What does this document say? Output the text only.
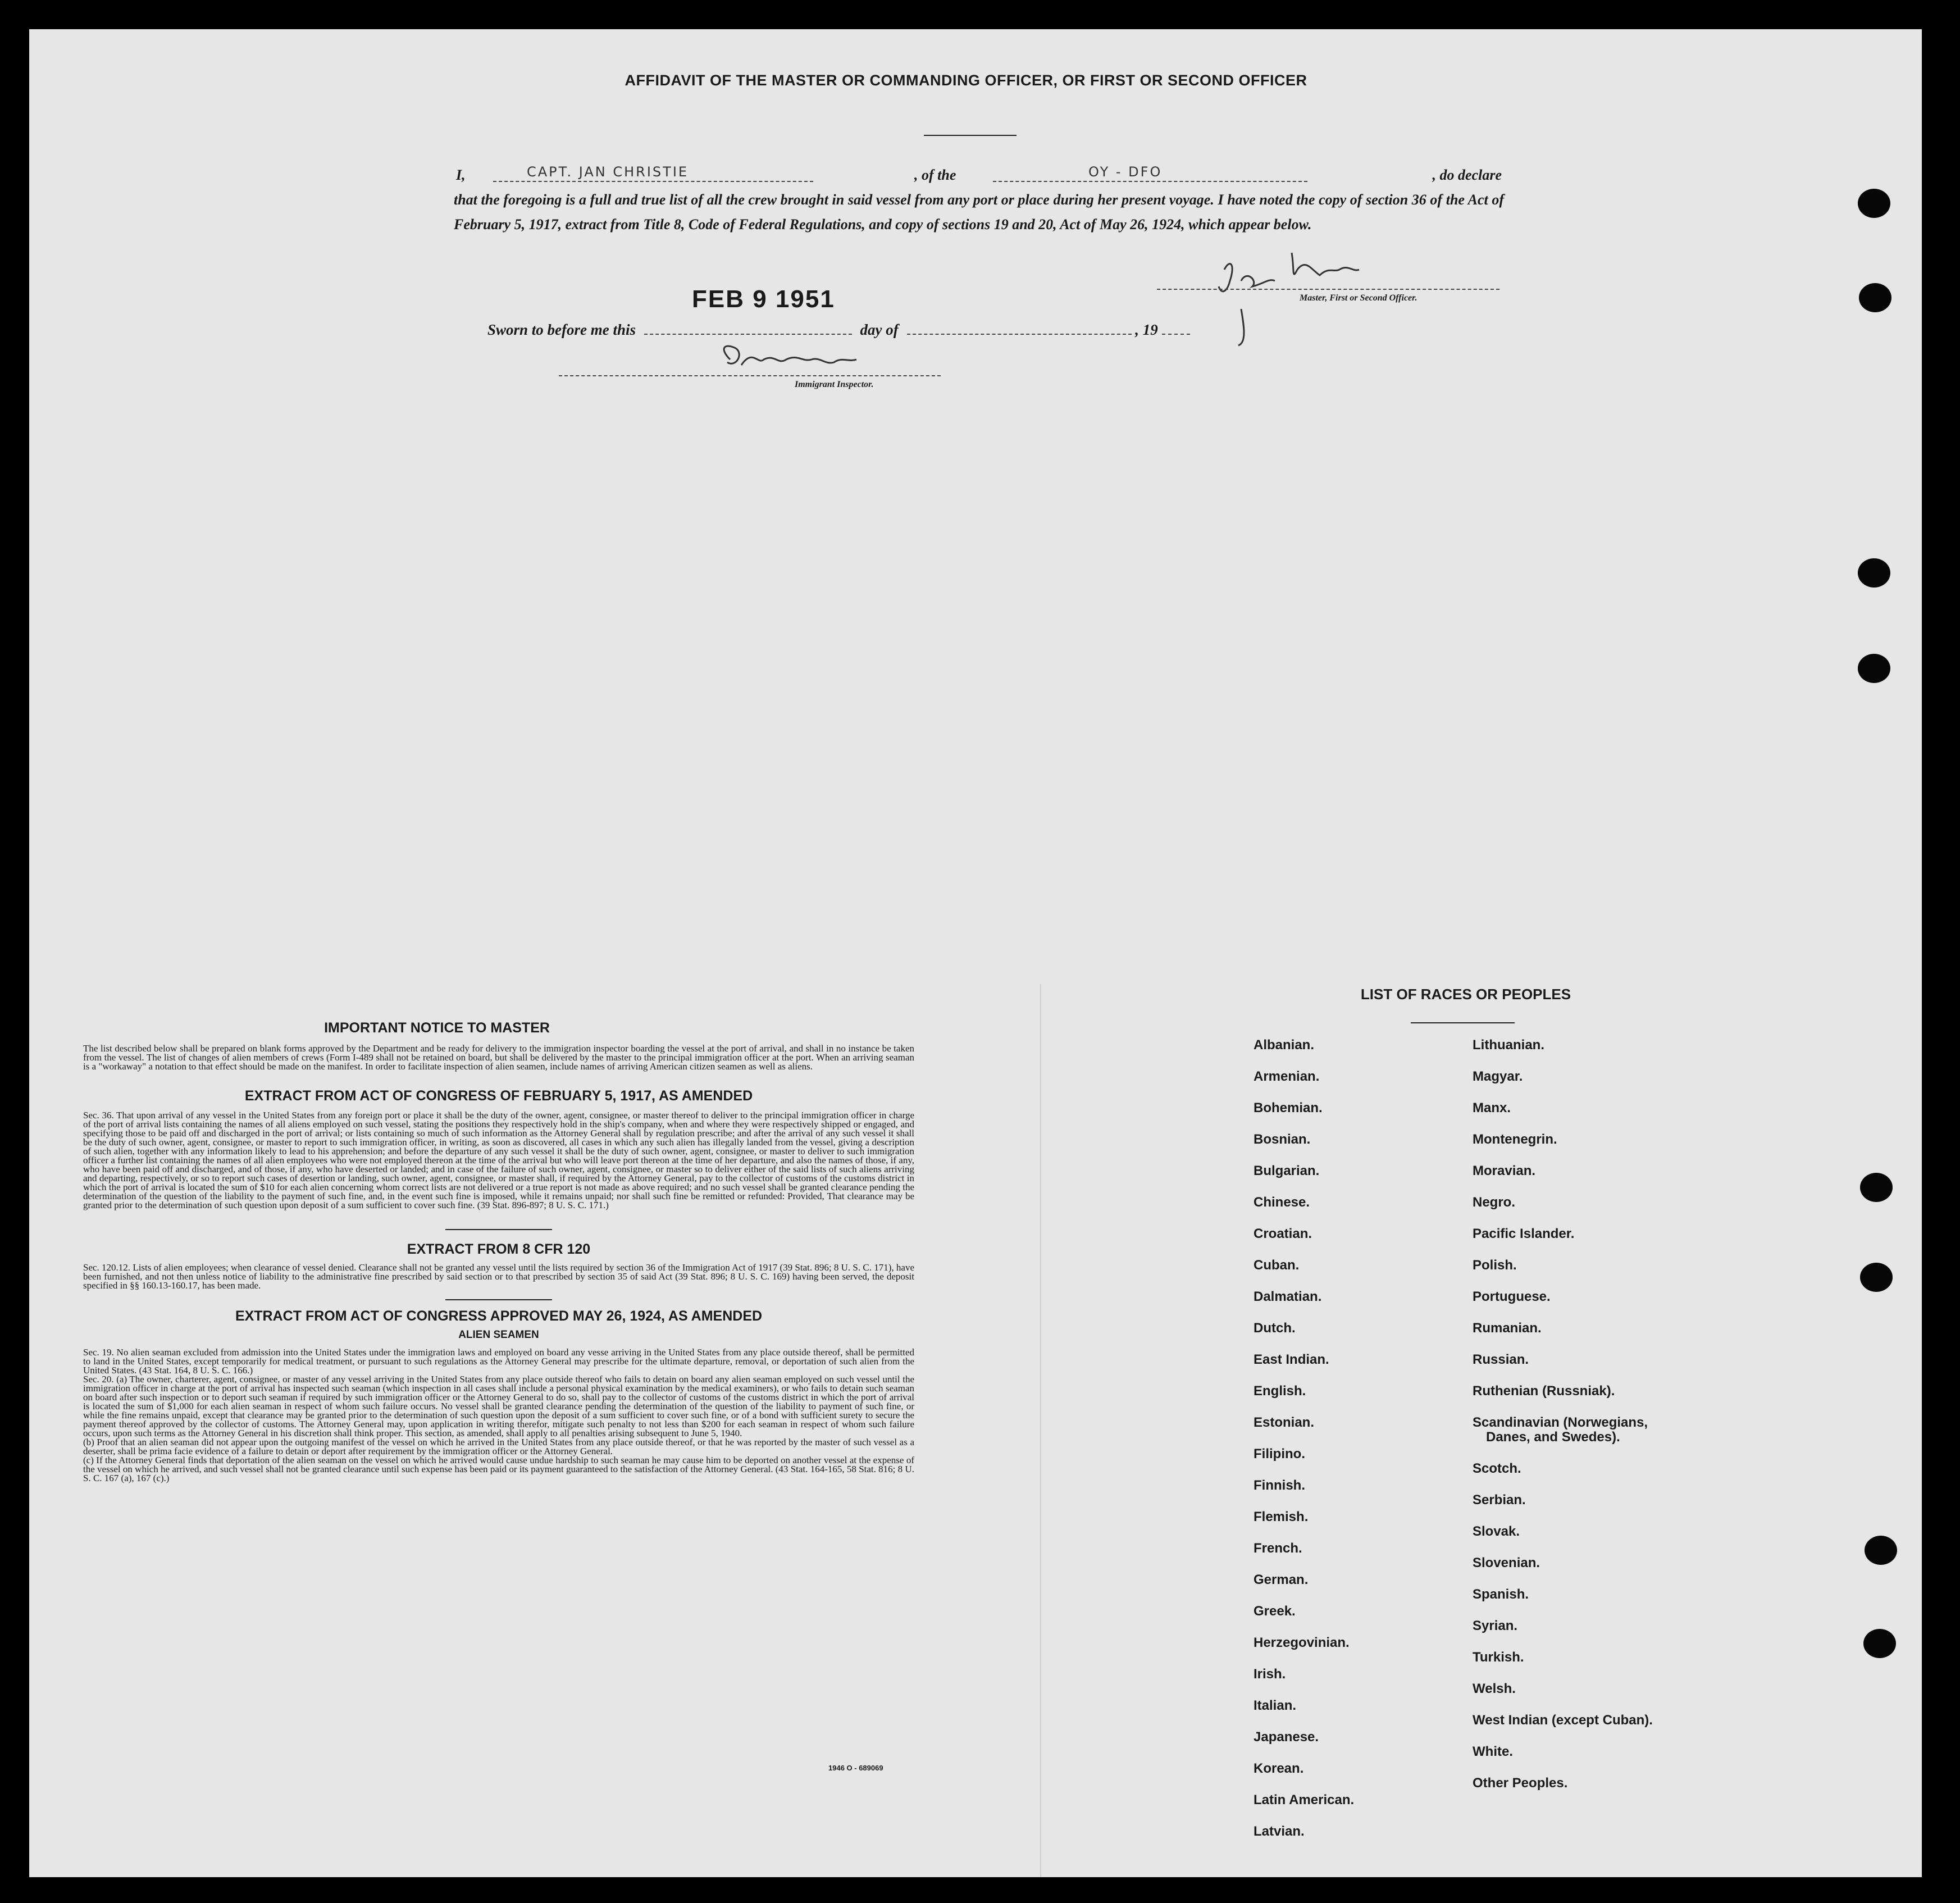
AFFIDAVIT OF THE MASTER OR COMMANDING OFFICER, OR FIRST OR SECOND OFFICER
I,	CAPT. JAN CHRISTIE	, of the	OY - DFO	, do declare
that the foregoing is a full and true list of all the crew brought in said vessel from any port or place during her present voyage. I have noted the copy of section 36 of the Act of February 5, 1917, extract from Title 8, Code of Federal Regulations, and copy of sections 19 and 20, Act of May 26, 1924, which appear below.
Master, First or Second Officer.
FEB 9 1951
Sworn to before me this	day of	, 19
Immigrant Inspector.
IMPORTANT NOTICE TO MASTER

The list described below shall be prepared on blank forms approved by the Department and be ready for delivery to the immigration inspector boarding the vessel at the port of arrival, and shall in no instance be taken from the vessel. The list of changes of alien members of crews (Form I-489 shall not be retained on board, but shall be delivered by the master to the principal immigration officer at the port. When an arriving seaman is a "workaway" a notation to that effect should be made on the manifest. In order to facilitate inspection of alien seamen, include names of arriving American citizen seamen as well as aliens.

EXTRACT FROM ACT OF CONGRESS OF FEBRUARY 5, 1917, AS AMENDED

Sec. 36. That upon arrival of any vessel in the United States from any foreign port or place it shall be the duty of the owner, agent, consignee, or master thereof to deliver to the principal immigration officer in charge of the port of arrival lists containing the names of all aliens employed on such vessel, stating the positions they respectively hold in the ship's company, when and where they were respectively shipped or engaged, and specifying those to be paid off and discharged in the port of arrival; or lists containing so much of such information as the Attorney General shall by regulation prescribe; and after the arrival of any such vessel it shall be the duty of such owner, agent, consignee, or master to report to such immigration officer, in writing, as soon as discovered, all cases in which any such alien has illegally landed from the vessel, giving a description of such alien, together with any information likely to lead to his apprehension; and before the departure of any such vessel it shall be the duty of such owner, agent, consignee, or master to deliver to such immigration officer a further list containing the names of all alien employees who were not employed thereon at the time of the arrival but who will leave port thereon at the time of her departure, and also the names of those, if any, who have been paid off and discharged, and of those, if any, who have deserted or landed; and in case of the failure of such owner, agent, consignee, or master so to deliver either of the said lists of such aliens arriving and departing, respectively, or so to report such cases of desertion or landing, such owner, agent, consignee, or master shall, if required by the Attorney General, pay to the collector of customs of the customs district in which the port of arrival is located the sum of $10 for each alien concerning whom correct lists are not delivered or a true report is not made as above required; and no such vessel shall be granted clearance pending the determination of the question of the liability to the payment of such fine, and, in the event such fine is imposed, while it remains unpaid; nor shall such fine be remitted or refunded: Provided, That clearance may be granted prior to the determination of such question upon deposit of a sum sufficient to cover such fine. (39 Stat. 896-897; 8 U. S. C. 171.)

EXTRACT FROM 8 CFR 120

Sec. 120.12. Lists of alien employees; when clearance of vessel denied. Clearance shall not be granted any vessel until the lists required by section 36 of the Immigration Act of 1917 (39 Stat. 896; 8 U. S. C. 171), have been furnished, and not then unless notice of liability to the administrative fine prescribed by said section or to that prescribed by section 35 of said Act (39 Stat. 896; 8 U. S. C. 169) having been served, the deposit specified in §§ 160.13-160.17, has been made.

EXTRACT FROM ACT OF CONGRESS APPROVED MAY 26, 1924, AS AMENDED
ALIEN SEAMEN

Sec. 19. No alien seaman excluded from admission into the United States under the immigration laws and employed on board any vesse arriving in the United States from any place outside thereof, shall be permitted to land in the United States, except temporarily for medical treatment, or pursuant to such regulations as the Attorney General may prescribe for the ultimate departure, removal, or deportation of such alien from the United States. (43 Stat. 164, 8 U. S. C. 166.)

Sec. 20. (a) The owner, charterer, agent, consignee, or master of any vessel arriving in the United States from any place outside thereof who fails to detain on board any alien seaman employed on such vessel until the immigration officer in charge at the port of arrival has inspected such seaman (which inspection in all cases shall include a personal physical examination by the medical examiners), or who fails to detain such seaman on board after such inspection or to deport such seaman if required by such immigration officer or the Attorney General to do so, shall pay to the collector of customs of the customs district in which the port of arrival is located the sum of $1,000 for each alien seaman in respect of whom such failure occurs. No vessel shall be granted clearance pending the determination of the question of the liability to payment of such fine, or while the fine remains unpaid, except that clearance may be granted prior to the determination of such question upon the deposit of a sum sufficient to cover such fine, or of a bond with sufficient surety to secure the payment thereof approved by the collector of customs. The Attorney General may, upon application in writing therefor, mitigate such penalty to not less than $200 for each seaman in respect of whom such failure occurs, upon such terms as the Attorney General in his discretion shall think proper. This section, as amended, shall apply to all penalties arising subsequent to June 5, 1940.

(b) Proof that an alien seaman did not appear upon the outgoing manifest of the vessel on which he arrived in the United States from any place outside thereof, or that he was reported by the master of such vessel as a deserter, shall be prima facie evidence of a failure to detain or deport after requirement by the immigration officer or the Attorney General.

(c) If the Attorney General finds that deportation of the alien seaman on the vessel on which he arrived would cause undue hardship to such seaman he may cause him to be deported on another vessel at the expense of the vessel on which he arrived, and such vessel shall not be granted clearance until such expense has been paid or its payment guaranteed to the satisfaction of the Attorney General. (43 Stat. 164-165, 58 Stat. 816; 8 U. S. C. 167 (a), 167 (c).)

1946 O - 689069
LIST OF RACES OR PEOPLES
Albanian.
Armenian.
Bohemian.
Bosnian.
Bulgarian.
Chinese.
Croatian.
Cuban.
Dalmatian.
Dutch.
East Indian.
English.
Estonian.
Filipino.
Finnish.
Flemish.
French.
German.
Greek.
Herzegovinian.
Irish.
Italian.
Japanese.
Korean.
Latin American.
Latvian.
Lithuanian.
Magyar.
Manx.
Montenegrin.
Moravian.
Negro.
Pacific Islander.
Polish.
Portuguese.
Rumanian.
Russian.
Ruthenian (Russniak).
Scandinavian (Norwegians,
Danes, and Swedes).
Scotch.
Serbian.
Slovak.
Slovenian.
Spanish.
Syrian.
Turkish.
Welsh.
West Indian (except Cuban).
White.
Other Peoples.
